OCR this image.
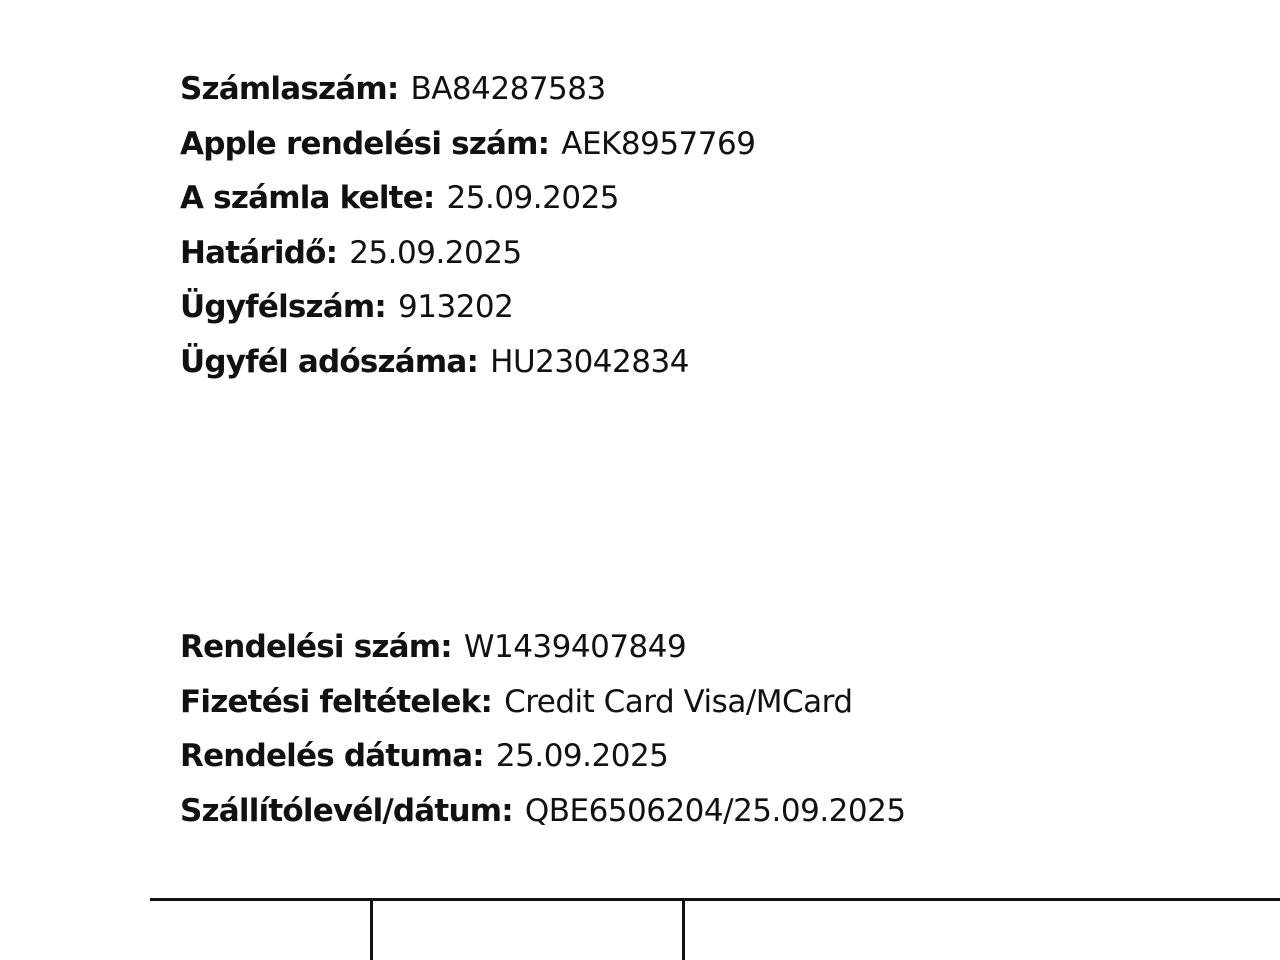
Számlaszám: BA84287583
Apple rendelési szám: AEK8957769
A számla kelte: 25.09.2025
Határidő: 25.09.2025
Ügyfélszám: 913202
Ügyfél adószáma: HU23042834
Rendelési szám: W1439407849
Fizetési feltételek: Credit Card Visa/MCard
Rendelés dátuma: 25.09.2025
Szállítólevél/dátum: QBE6506204/25.09.2025
